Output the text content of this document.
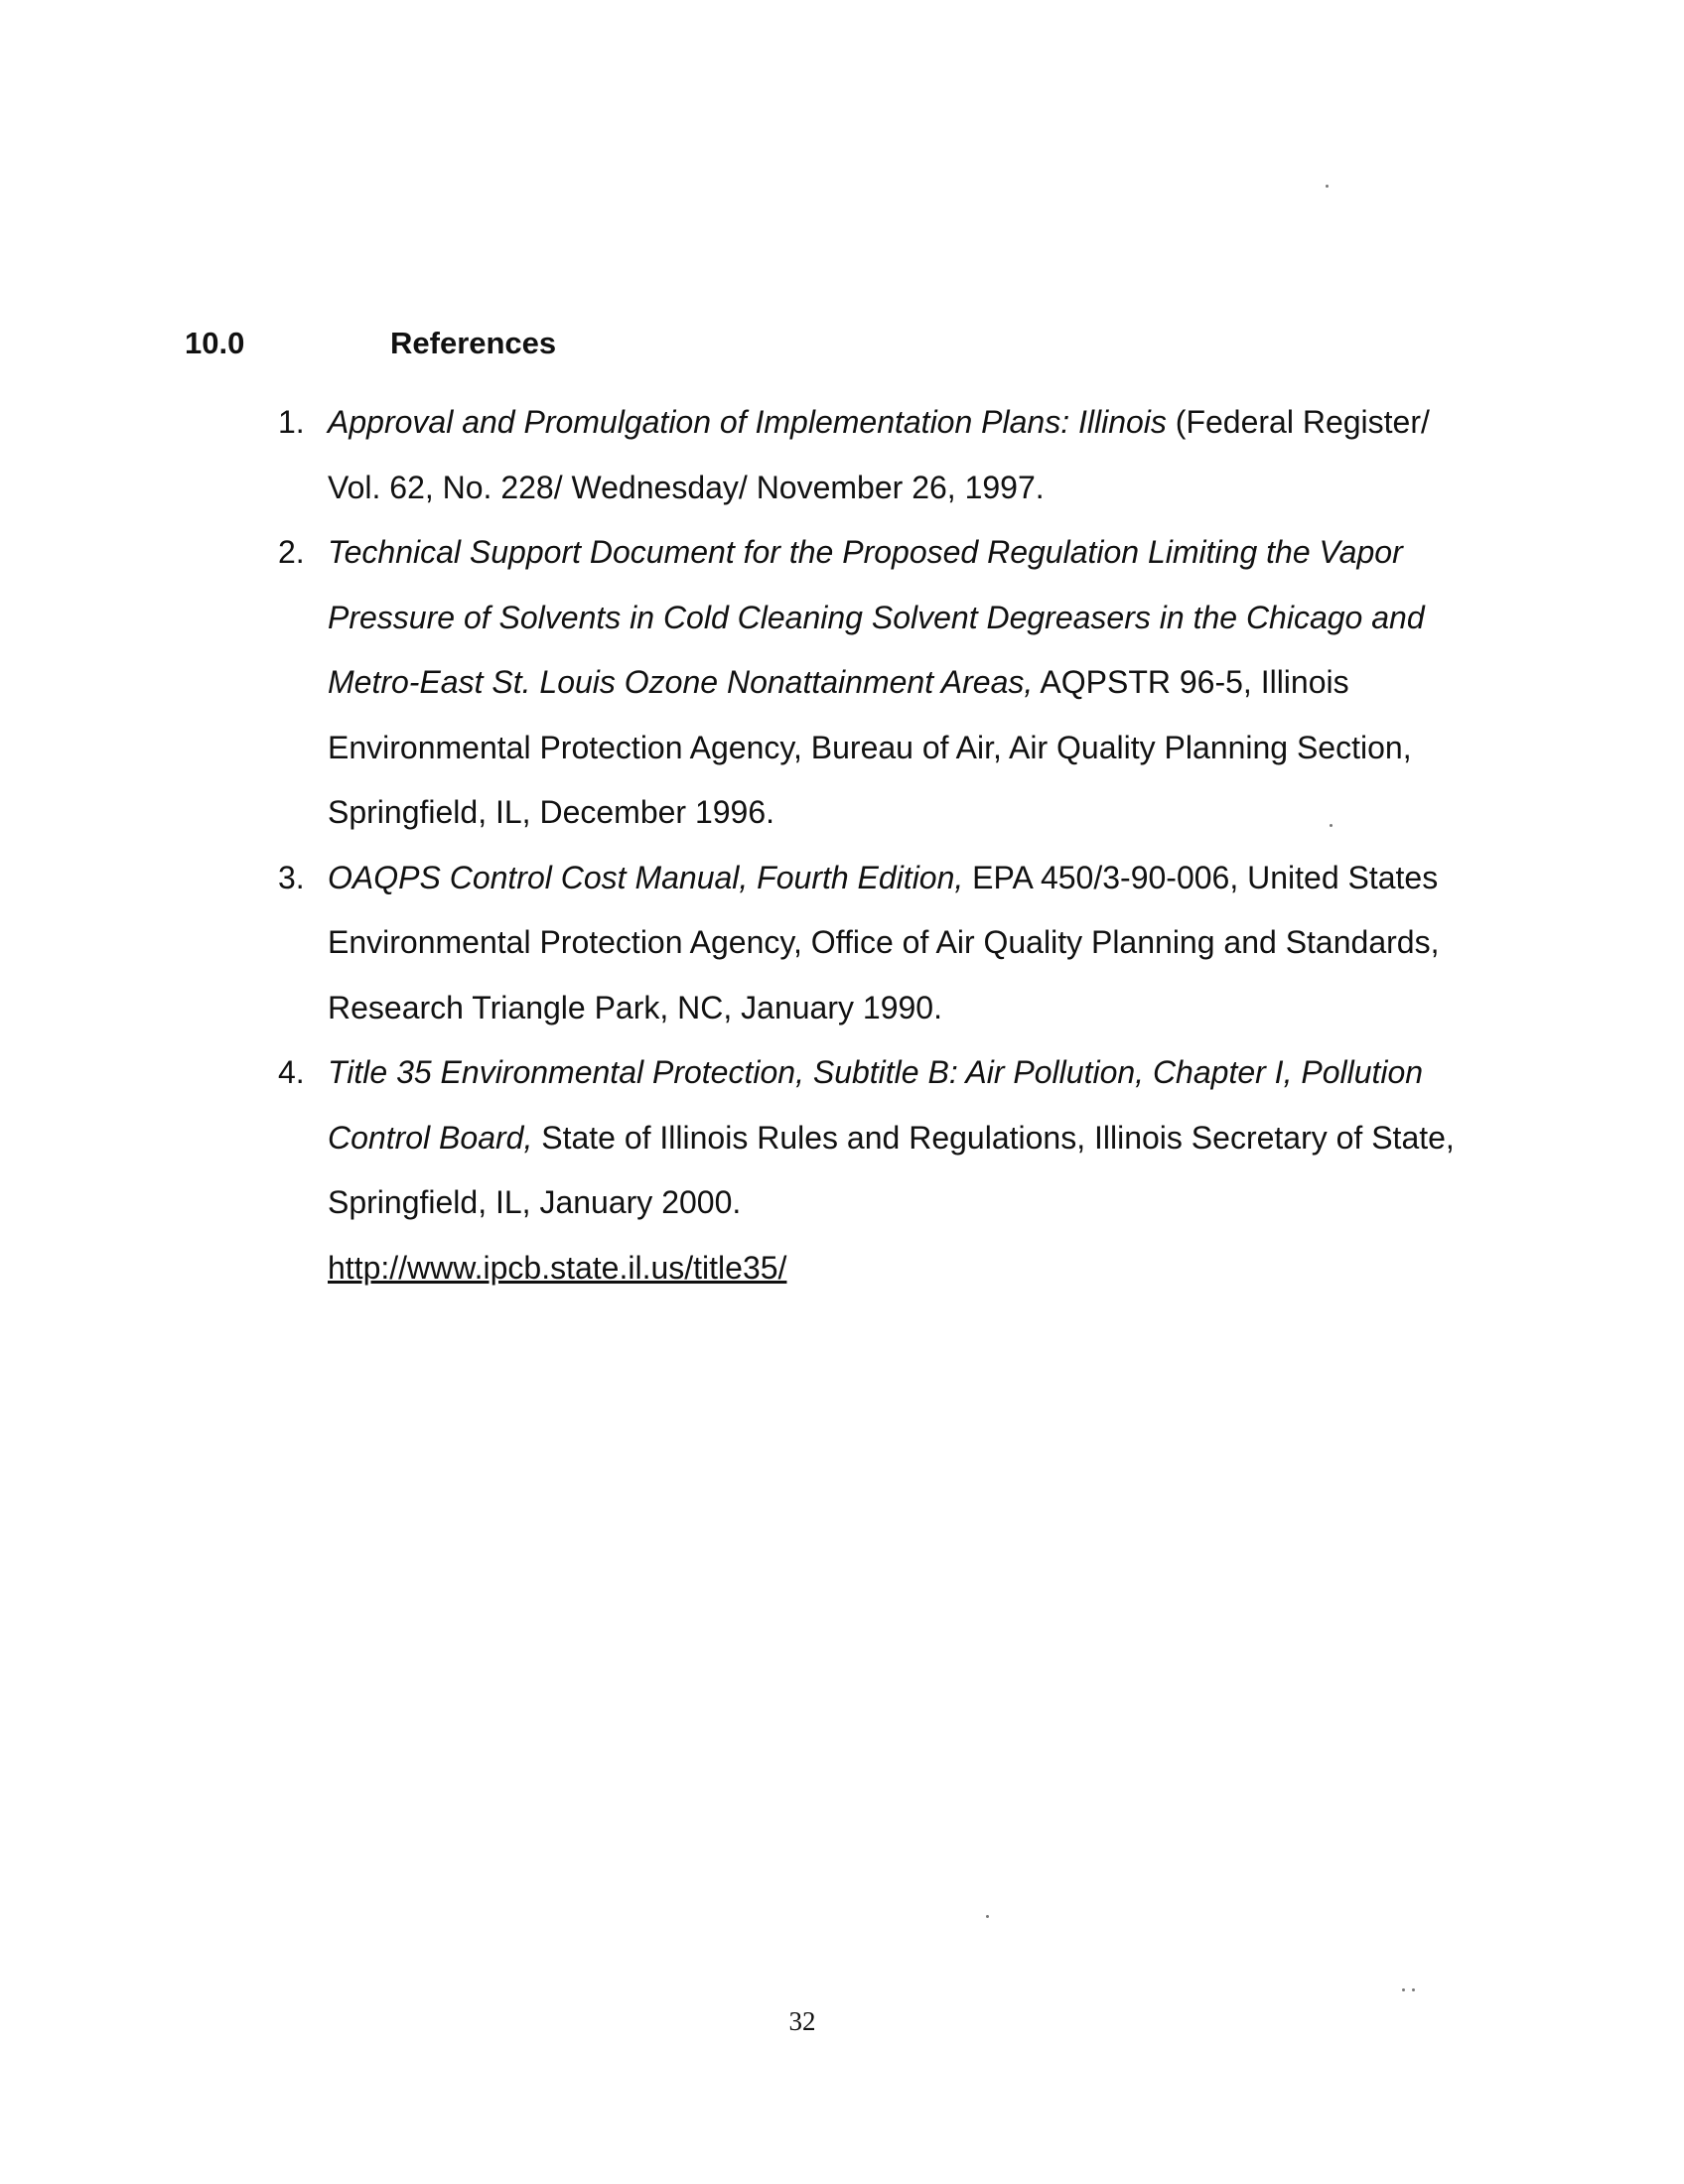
10.0	References
1. Approval and Promulgation of Implementation Plans: Illinois (Federal Register/ Vol. 62, No. 228/ Wednesday/ November 26, 1997.
2. Technical Support Document for the Proposed Regulation Limiting the Vapor Pressure of Solvents in Cold Cleaning Solvent Degreasers in the Chicago and Metro-East St. Louis Ozone Nonattainment Areas, AQPSTR 96-5, Illinois Environmental Protection Agency, Bureau of Air, Air Quality Planning Section, Springfield, IL, December 1996.
3. OAQPS Control Cost Manual, Fourth Edition, EPA 450/3-90-006, United States Environmental Protection Agency, Office of Air Quality Planning and Standards, Research Triangle Park, NC, January 1990.
4. Title 35 Environmental Protection, Subtitle B: Air Pollution, Chapter I, Pollution Control Board, State of Illinois Rules and Regulations, Illinois Secretary of State, Springfield, IL, January 2000.
http://www.ipcb.state.il.us/title35/
32
